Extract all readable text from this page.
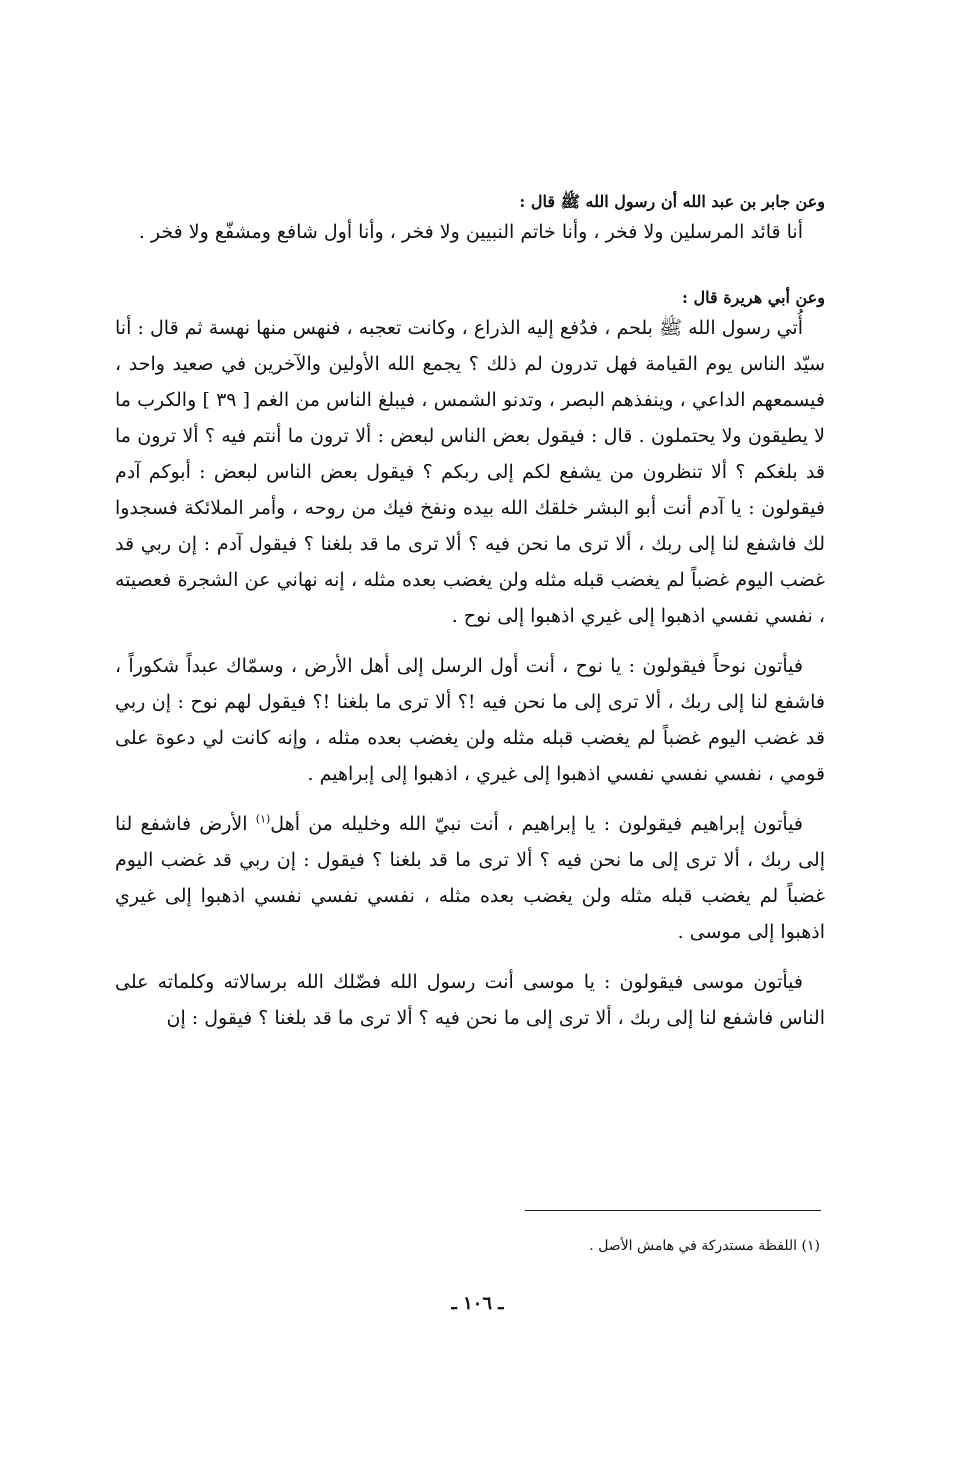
وعن جابر بن عبد الله أن رسول الله ﷺ قال :

أنا قائد المرسلين ولا فخر ، وأنا خاتم النبيين ولا فخر ، وأنا أول شافع ومشفّع ولا فخر .

وعن أبي هريرة قال :

أُتي رسول الله ﷺ بلحم ، فدُفع إليه الذراع ، وكانت تعجبه ، فنهس منها نهسة ثم قال : أنا سيّد الناس يوم القيامة فهل تدرون لم ذلك ؟ يجمع الله الأولين والآخرين في صعيد واحد ، فيسمعهم الداعي ، وينفذهم البصر ، وتدنو الشمس ، فيبلغ الناس من الغم [ ٣٩ ] والكرب ما لا يطيقون ولا يحتملون . قال : فيقول بعض الناس لبعض : ألا ترون ما أنتم فيه ؟ ألا ترون ما قد بلغكم ؟ ألا تنظرون من يشفع لكم إلى ربكم ؟ فيقول بعض الناس لبعض : أبوكم آدم فيقولون : يا آدم أنت أبو البشر خلقك الله بيده ونفخ فيك من روحه ، وأمر الملائكة فسجدوا لك فاشفع لنا إلى ربك ، ألا ترى ما نحن فيه ؟ ألا ترى ما قد بلغنا ؟ فيقول آدم : إن ربي قد غضب اليوم غضباً لم يغضب قبله مثله ولن يغضب بعده مثله ، إنه نهاني عن الشجرة فعصيته ، نفسي نفسي اذهبوا إلى غيري اذهبوا إلى نوح .

فيأتون نوحاً فيقولون : يا نوح ، أنت أول الرسل إلى أهل الأرض ، وسمّاك عبداً شكوراً ، فاشفع لنا إلى ربك ، ألا ترى إلى ما نحن فيه !؟ ألا ترى ما بلغنا !؟ فيقول لهم نوح : إن ربي قد غضب اليوم غضباً لم يغضب قبله مثله ولن يغضب بعده مثله ، وإنه كانت لي دعوة على قومي ، نفسي نفسي نفسي اذهبوا إلى غيري ، اذهبوا إلى إبراهيم .

فيأتون إبراهيم فيقولون : يا إبراهيم ، أنت نبيّ الله وخليله من أهل$^{(١)}$ الأرض فاشفع لنا إلى ربك ، ألا ترى إلى ما نحن فيه ؟ ألا ترى ما قد بلغنا ؟ فيقول : إن ربي قد غضب اليوم غضباً لم يغضب قبله مثله ولن يغضب بعده مثله ، نفسي نفسي نفسي اذهبوا إلى غيري اذهبوا إلى موسى .

فيأتون موسى فيقولون : يا موسى أنت رسول الله فضّلك الله برسالاته وكلماته على الناس فاشفع لنا إلى ربك ، ألا ترى إلى ما نحن فيه ؟ ألا ترى ما قد بلغنا ؟ فيقول : إن

(١) اللفظة مستدركة في هامش الأصل .

ـ ١٠٦ ـ
